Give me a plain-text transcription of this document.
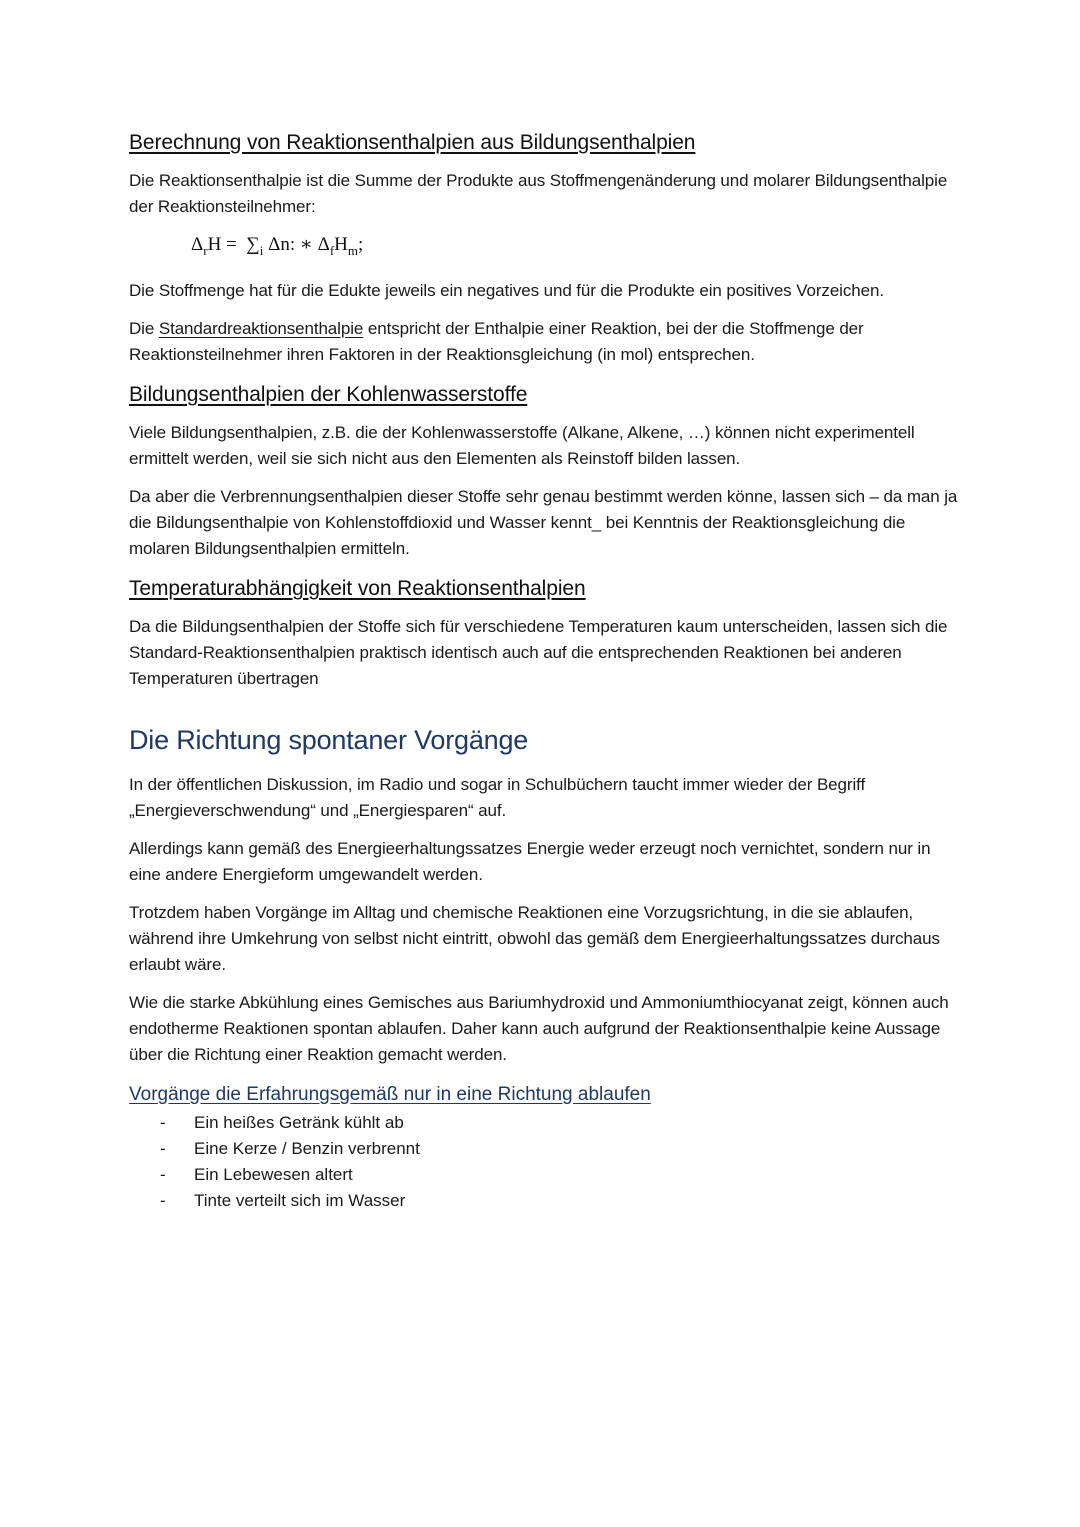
Berechnung von Reaktionsenthalpien aus Bildungsenthalpien

Die Reaktionsenthalpie ist die Summe der Produkte aus Stoffmengenänderung und molarer Bildungsenthalpie der Reaktionsteilnehmer:

$\Delta_rH = \sum_i$ Δn: ∗ $\Delta_fH_m$;

Die Stoffmenge hat für die Edukte jeweils ein negatives und für die Produkte ein positives Vorzeichen.

Die Standardreaktionsenthalpie entspricht der Enthalpie einer Reaktion, bei der die Stoffmenge der Reaktionsteilnehmer ihren Faktoren in der Reaktionsgleichung (in mol) entsprechen.

Bildungsenthalpien der Kohlenwasserstoffe

Viele Bildungsenthalpien, z.B. die der Kohlenwasserstoffe (Alkane, Alkene, …) können nicht experimentell ermittelt werden, weil sie sich nicht aus den Elementen als Reinstoff bilden lassen.

Da aber die Verbrennungsenthalpien dieser Stoffe sehr genau bestimmt werden könne, lassen sich – da man ja die Bildungsenthalpie von Kohlenstoffdioxid und Wasser kennt_ bei Kenntnis der Reaktionsgleichung die molaren Bildungsenthalpien ermitteln.

Temperaturabhängigkeit von Reaktionsenthalpien

Da die Bildungsenthalpien der Stoffe sich für verschiedene Temperaturen kaum unterscheiden, lassen sich die Standard-Reaktionsenthalpien praktisch identisch auch auf die entsprechenden Reaktionen bei anderen Temperaturen übertragen

Die Richtung spontaner Vorgänge

In der öffentlichen Diskussion, im Radio und sogar in Schulbüchern taucht immer wieder der Begriff „Energieverschwendung“ und „Energiesparen“ auf.

Allerdings kann gemäß des Energieerhaltungssatzes Energie weder erzeugt noch vernichtet, sondern nur in eine andere Energieform umgewandelt werden.

Trotzdem haben Vorgänge im Alltag und chemische Reaktionen eine Vorzugsrichtung, in die sie ablaufen, während ihre Umkehrung von selbst nicht eintritt, obwohl das gemäß dem Energieerhaltungssatzes durchaus erlaubt wäre.

Wie die starke Abkühlung eines Gemisches aus Bariumhydroxid und Ammoniumthiocyanat zeigt, können auch endotherme Reaktionen spontan ablaufen. Daher kann auch aufgrund der Reaktionsenthalpie keine Aussage über die Richtung einer Reaktion gemacht werden.

Vorgänge die Erfahrungsgemäß nur in eine Richtung ablaufen
- Ein heißes Getränk kühlt ab
- Eine Kerze / Benzin verbrennt
- Ein Lebewesen altert
- Tinte verteilt sich im Wasser
